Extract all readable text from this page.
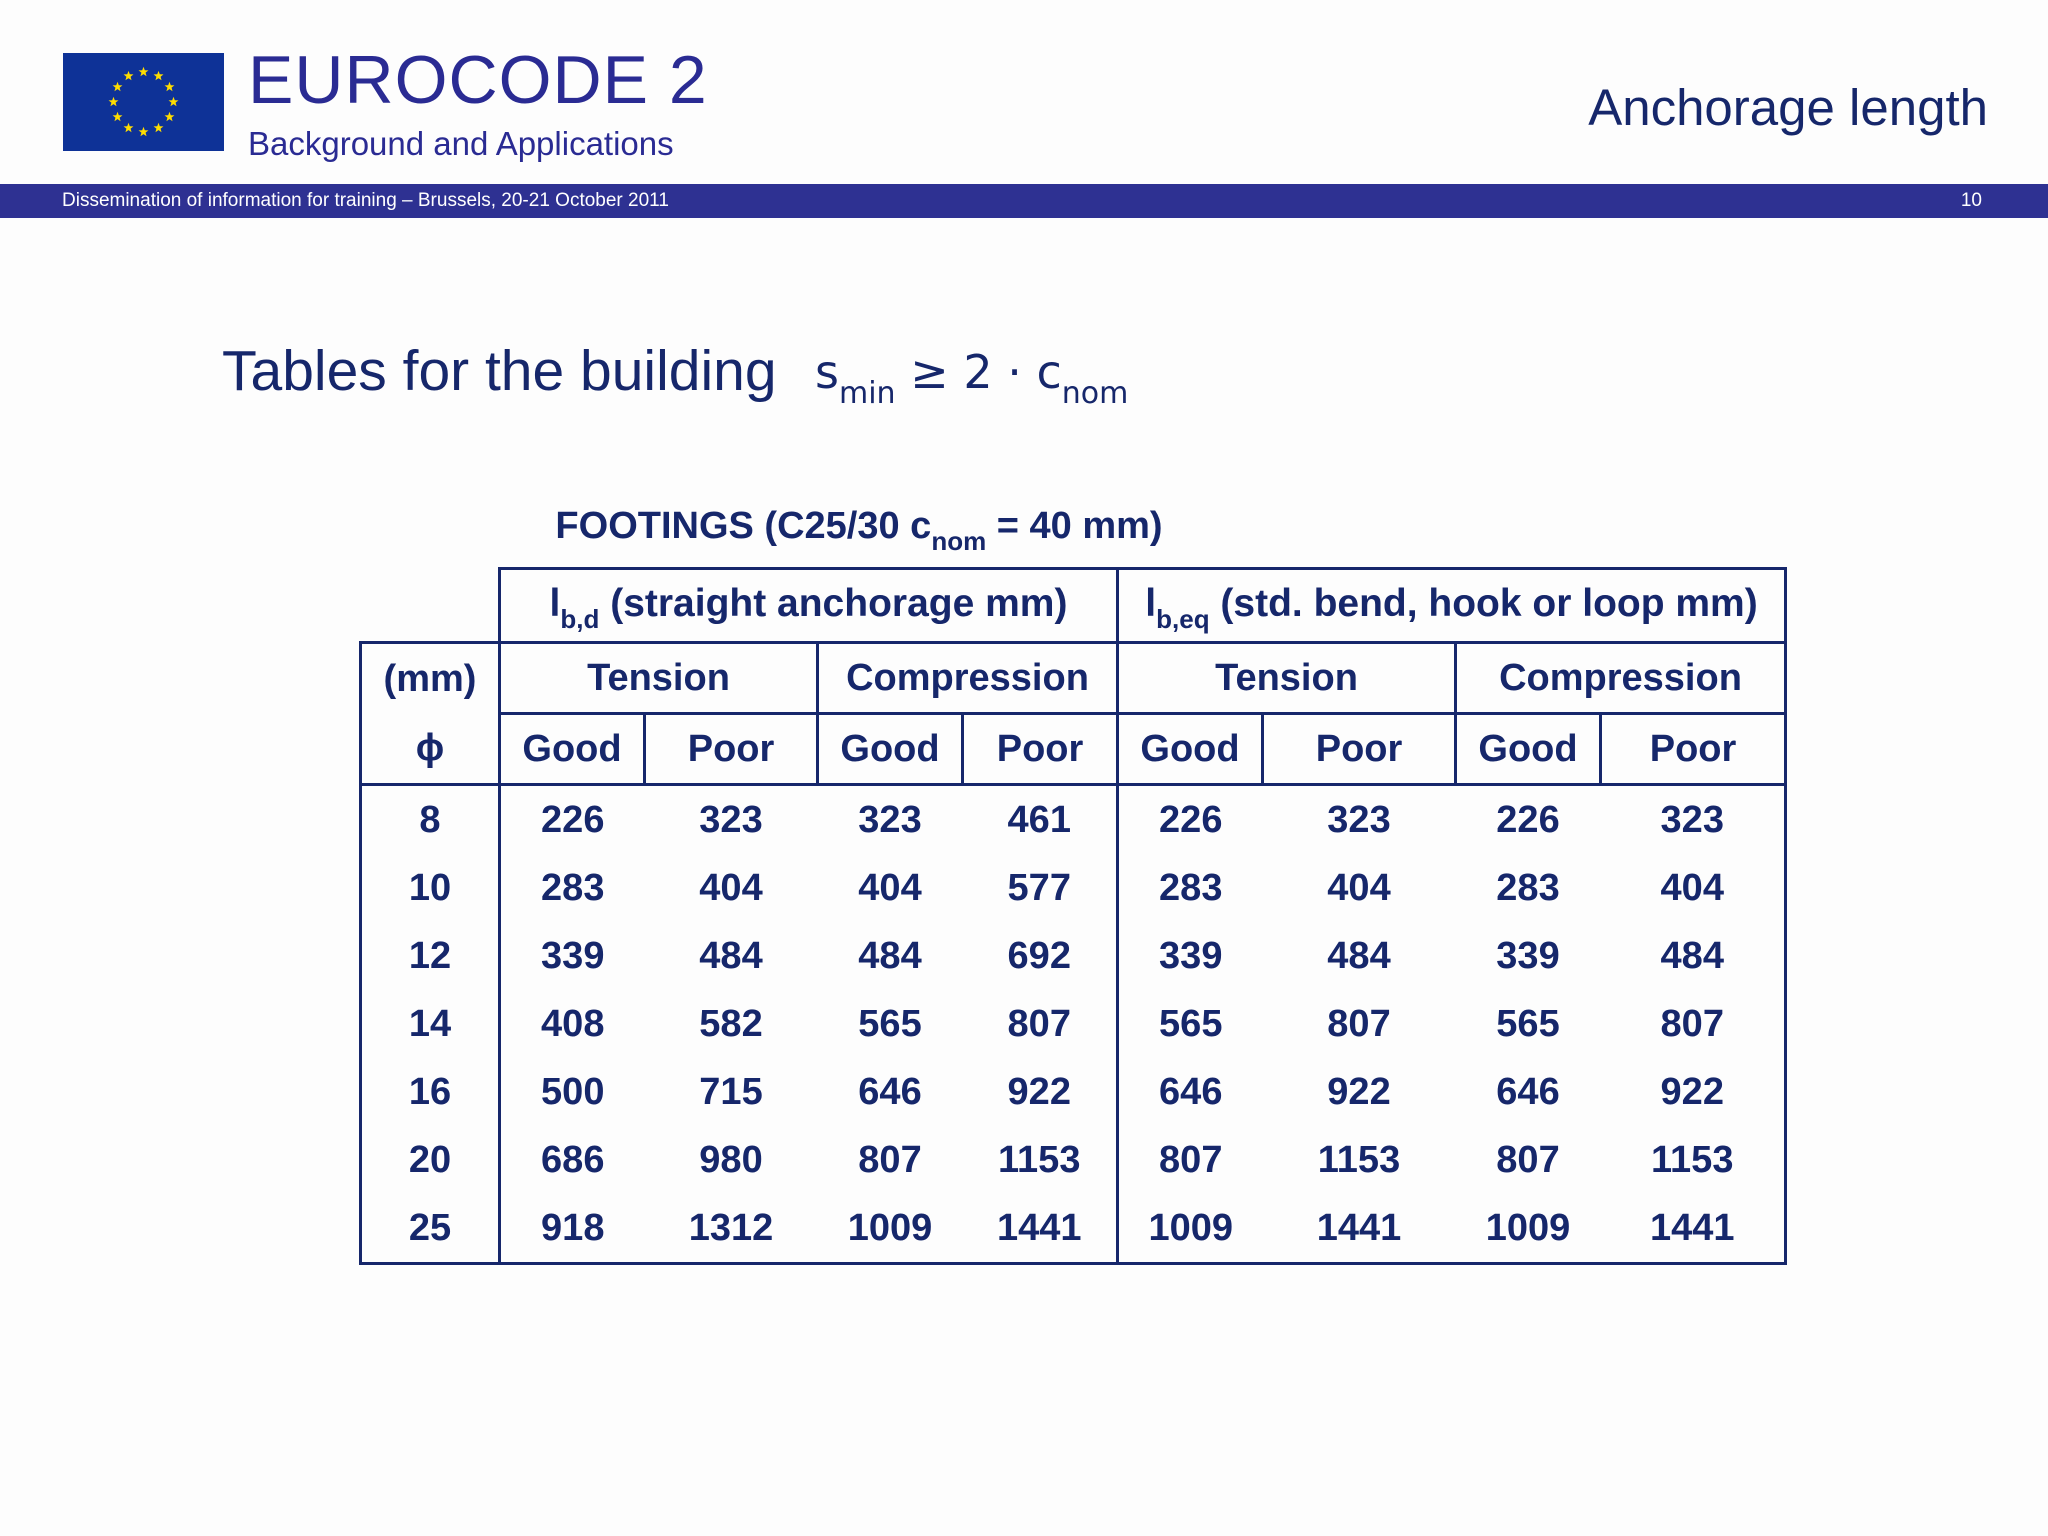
EUROCODE 2
Background and Applications
Anchorage length
Dissemination of information for training – Brussels, 20-21 October 2011	10
Tables for the building $s_{min} \ge 2 \cdot c_{nom}$
FOOTINGS (C25/30 $c_{nom} = 40$ mm)
	$l_{b,d}$ (straight anchorage mm)				$l_{b,eq}$ (std. bend, hook or loop mm)			
(mm)	Tension		Compression		Tension		Compression	
ϕ	Good	Poor	Good	Poor	Good	Poor	Good	Poor
8	226	323	323	461	226	323	226	323
10	283	404	404	577	283	404	283	404
12	339	484	484	692	339	484	339	484
14	408	582	565	807	565	807	565	807
16	500	715	646	922	646	922	646	922
20	686	980	807	1153	807	1153	807	1153
25	918	1312	1009	1441	1009	1441	1009	1441
